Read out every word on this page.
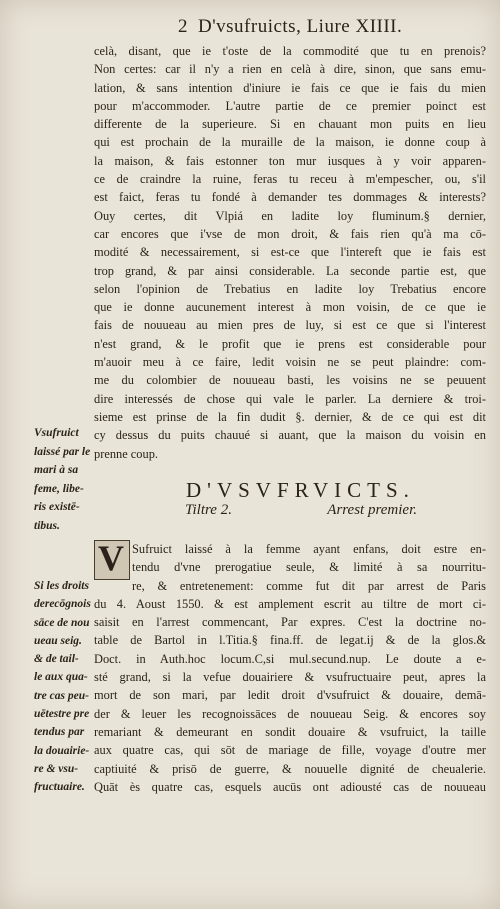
2 D'vsufruicts, Liure XIIII.
celà, disant, que ie t'oste de la commodité que tu en prenois?
Non certes: car il n'y a rien en celà à dire, sinon, que sans emu-
lation, & sans intention d'iniure ie fais ce que ie fais du mien
pour m'accommoder. L'autre partie de ce premier poinct est
differente de la superieure. Si en chauant mon puits en lieu
qui est prochain de la muraille de la maison, ie donne coup à
la maison, & fais estonner ton mur iusques à y voir apparen-
ce de craindre la ruine, feras tu receu à m'empescher, ou, s'il
est faict, feras tu fondé à demander tes dommages & interests?
Ouy certes, dit Vlpiá en ladite loy fluminum.§ dernier,
car encores que i'vse de mon droit, & fais rien qu'à ma cō-
modité & necessairement, si est-ce que l'intereft que ie fais est
trop grand, & par ainsi considerable. La seconde partie est, que
selon l'opinion de Trebatius en ladite loy Trebatius encore
que ie donne aucunement interest à mon voisin, de ce que ie
fais de nouueau au mien pres de luy, si est ce que si l'interest
n'est grand, & le profit que ie prens est considerable pour
m'auoir meu à ce faire, ledit voisin ne se peut plaindre: com-
me du colombier de nouueau basti, les voisins ne se peuuent
dire interessés de chose qui vale le parler. La derniere & troi-
sieme est prinse de la fin dudit §. dernier, & de ce qui est dit
cy dessus du puits chauué si auant, que la maison du voisin en
prenne coup.
Vsufruict
laissé par le
mari à sa
feme, libe-
ris existē-
tibus.
D'VSVFRVICTS.
Tiltre 2.	Arrest premier.
V Sufruict laissé à la femme ayant enfans, doit estre en-
tendu d'vne prerogatiue seule, & limité à sa nourritu-
re, & entretenement: comme fut dit par arrest de Paris
du 4. Aoust 1550. & est amplement escrit au tiltre de mort ci-
saisit en l'arrest commencant, Par expres. C'est la doctrine no-
table de Bartol in l.Titia.§ fina.ff. de legat.ij & de la glos.&
Doct. in Auth.hoc locum.C,si mul.secund.nup. Le doute a e-
sté grand, si la vefue douairiere & vsufructuaire peut, apres la
mort de son mari, par ledit droit d'vsufruict & douaire, demā-
der & leuer les recognoissāces de nouueau Seig. & encores soy
remariant & demeurant en sondit douaire & vsufruict, la taille
aux quatre cas, qui sōt de mariage de fille, voyage d'outre mer
captiuité & prisō de guerre, & nouuelle dignité de cheualerie.
Quāt ès quatre cas, esquels aucūs ont adiousté cas de nouueau
Si les droits
derecōgnois
sāce de nou
ueau seig.
& de tail-
le aux qua-
tre cas peu-
uētestre pre
tendus par
la douairie-
re & vsu-
fructuaire.
